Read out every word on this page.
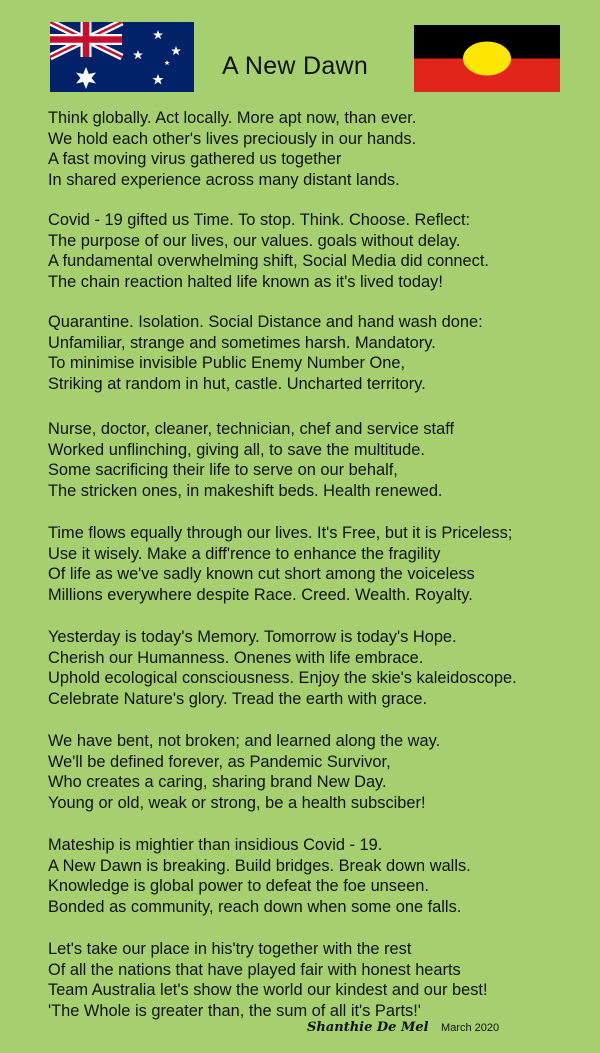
A New Dawn
Think globally. Act locally. More apt now, than ever.
We hold each other's lives preciously in our hands.
A fast moving virus gathered us together
In shared experience across many distant lands.
Covid - 19 gifted us Time. To stop. Think. Choose. Reflect:
The purpose of our lives, our values. goals without delay.
A fundamental overwhelming shift, Social Media did connect.
The chain reaction halted life known as it's lived today!
Quarantine. Isolation. Social Distance and hand wash done:
Unfamiliar, strange and sometimes harsh. Mandatory.
To minimise invisible Public Enemy Number One,
Striking at random in hut, castle. Uncharted territory.
Nurse, doctor, cleaner, technician, chef and service staff
Worked unflinching, giving all, to save the multitude.
Some sacrificing their life to serve on our behalf,
The stricken ones, in makeshift beds. Health renewed.
Time flows equally through our lives. It's Free, but it is Priceless;
Use it wisely. Make a diff'rence to enhance the fragility
Of life as we've sadly known cut short among the voiceless
Millions everywhere despite Race. Creed. Wealth. Royalty.
Yesterday is today's Memory. Tomorrow is today's Hope.
Cherish our Humanness. Onenes with life embrace.
Uphold ecological consciousness. Enjoy the skie's kaleidoscope.
Celebrate Nature's glory. Tread the earth with grace.
We have bent, not broken; and learned along the way.
We'll be defined forever, as Pandemic Survivor,
Who creates a caring, sharing brand New Day.
Young or old, weak or strong, be a health subsciber!
Mateship is mightier than insidious Covid - 19.
A New Dawn is breaking. Build bridges. Break down walls.
Knowledge is global power to defeat the foe unseen.
Bonded as community, reach down when some one falls.
Let's take our place in his'try together with the rest
Of all the nations that have played fair with honest hearts
Team Australia let's show the world our kindest and our best!
'The Whole is greater than, the sum of all it's Parts!'
Shanthie De Mel March 2020
